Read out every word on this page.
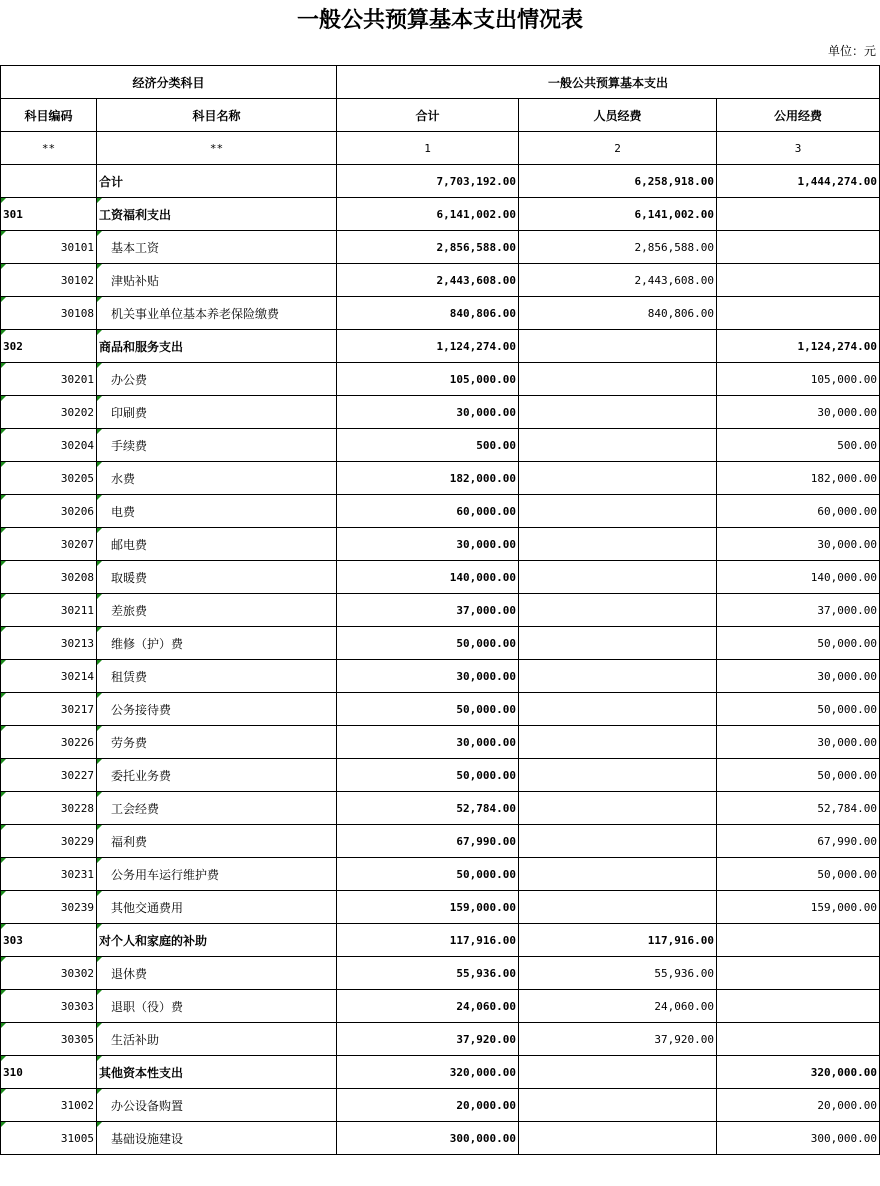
一般公共预算基本支出情况表
单位：元
经济分类科目		一般公共预算基本支出		
科目编码	科目名称	合计	人员经费	公用经费
**	**	1	2	3
	合计	7,703,192.00	6,258,918.00	1,444,274.00
301	工资福利支出	6,141,002.00	6,141,002.00	
30101	基本工资	2,856,588.00	2,856,588.00	
30102	津贴补贴	2,443,608.00	2,443,608.00	
30108	机关事业单位基本养老保险缴费	840,806.00	840,806.00	
302	商品和服务支出	1,124,274.00		1,124,274.00
30201	办公费	105,000.00		105,000.00
30202	印刷费	30,000.00		30,000.00
30204	手续费	500.00		500.00
30205	水费	182,000.00		182,000.00
30206	电费	60,000.00		60,000.00
30207	邮电费	30,000.00		30,000.00
30208	取暖费	140,000.00		140,000.00
30211	差旅费	37,000.00		37,000.00
30213	维修（护）费	50,000.00		50,000.00
30214	租赁费	30,000.00		30,000.00
30217	公务接待费	50,000.00		50,000.00
30226	劳务费	30,000.00		30,000.00
30227	委托业务费	50,000.00		50,000.00
30228	工会经费	52,784.00		52,784.00
30229	福利费	67,990.00		67,990.00
30231	公务用车运行维护费	50,000.00		50,000.00
30239	其他交通费用	159,000.00		159,000.00
303	对个人和家庭的补助	117,916.00	117,916.00	
30302	退休费	55,936.00	55,936.00	
30303	退职（役）费	24,060.00	24,060.00	
30305	生活补助	37,920.00	37,920.00	
310	其他资本性支出	320,000.00		320,000.00
31002	办公设备购置	20,000.00		20,000.00
31005	基础设施建设	300,000.00		300,000.00
